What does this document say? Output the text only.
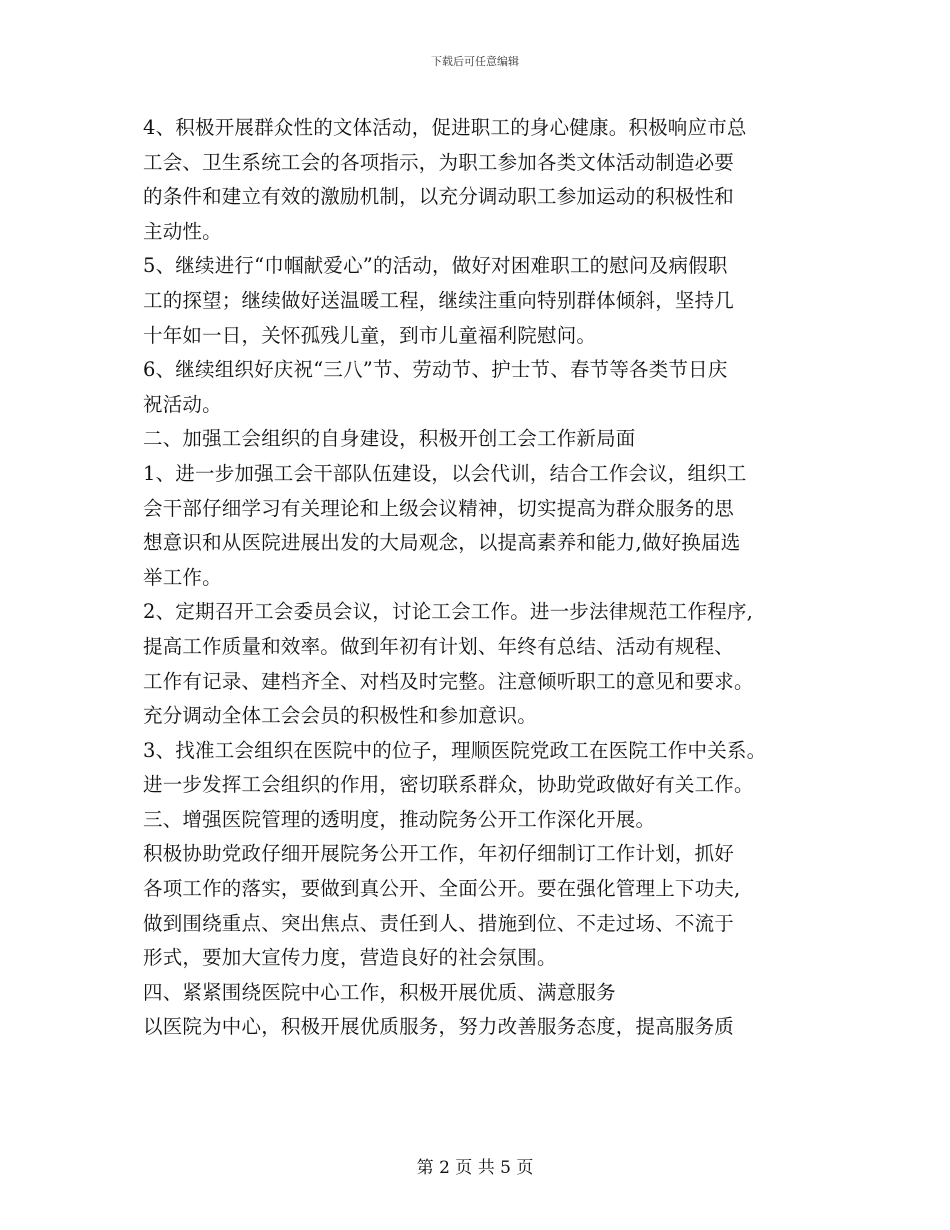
下载后可任意编辑
4、积极开展群众性的文体活动，促进职工的身心健康。积极响应市总
工会、卫生系统工会的各项指示，为职工参加各类文体活动制造必要
的条件和建立有效的激励机制，以充分调动职工参加运动的积极性和
主动性。
5、继续进行“巾帼献爱心”的活动，做好对困难职工的慰问及病假职
工的探望；继续做好送温暖工程，继续注重向特别群体倾斜，坚持几
十年如一日，关怀孤残儿童，到市儿童福利院慰问。
6、继续组织好庆祝“三八”节、劳动节、护士节、春节等各类节日庆
祝活动。
二、加强工会组织的自身建设，积极开创工会工作新局面
1、进一步加强工会干部队伍建设，以会代训，结合工作会议，组织工
会干部仔细学习有关理论和上级会议精神，切实提高为群众服务的思
想意识和从医院进展出发的大局观念，以提高素养和能力,做好换届选
举工作。
2、定期召开工会委员会议，讨论工会工作。进一步法律规范工作程序,
提高工作质量和效率。做到年初有计划、年终有总结、活动有规程、
工作有记录、建档齐全、对档及时完整。注意倾听职工的意见和要求。
充分调动全体工会会员的积极性和参加意识。
3、找准工会组织在医院中的位子，理顺医院党政工在医院工作中关系。
进一步发挥工会组织的作用，密切联系群众，协助党政做好有关工作。
三、增强医院管理的透明度，推动院务公开工作深化开展。
积极协助党政仔细开展院务公开工作，年初仔细制订工作计划，抓好
各项工作的落实，要做到真公开、全面公开。要在强化管理上下功夫,
做到围绕重点、突出焦点、责任到人、措施到位、不走过场、不流于
形式，要加大宣传力度，营造良好的社会氛围。
四、紧紧围绕医院中心工作，积极开展优质、满意服务
以医院为中心，积极开展优质服务，努力改善服务态度，提高服务质
第 2 页 共 5 页
